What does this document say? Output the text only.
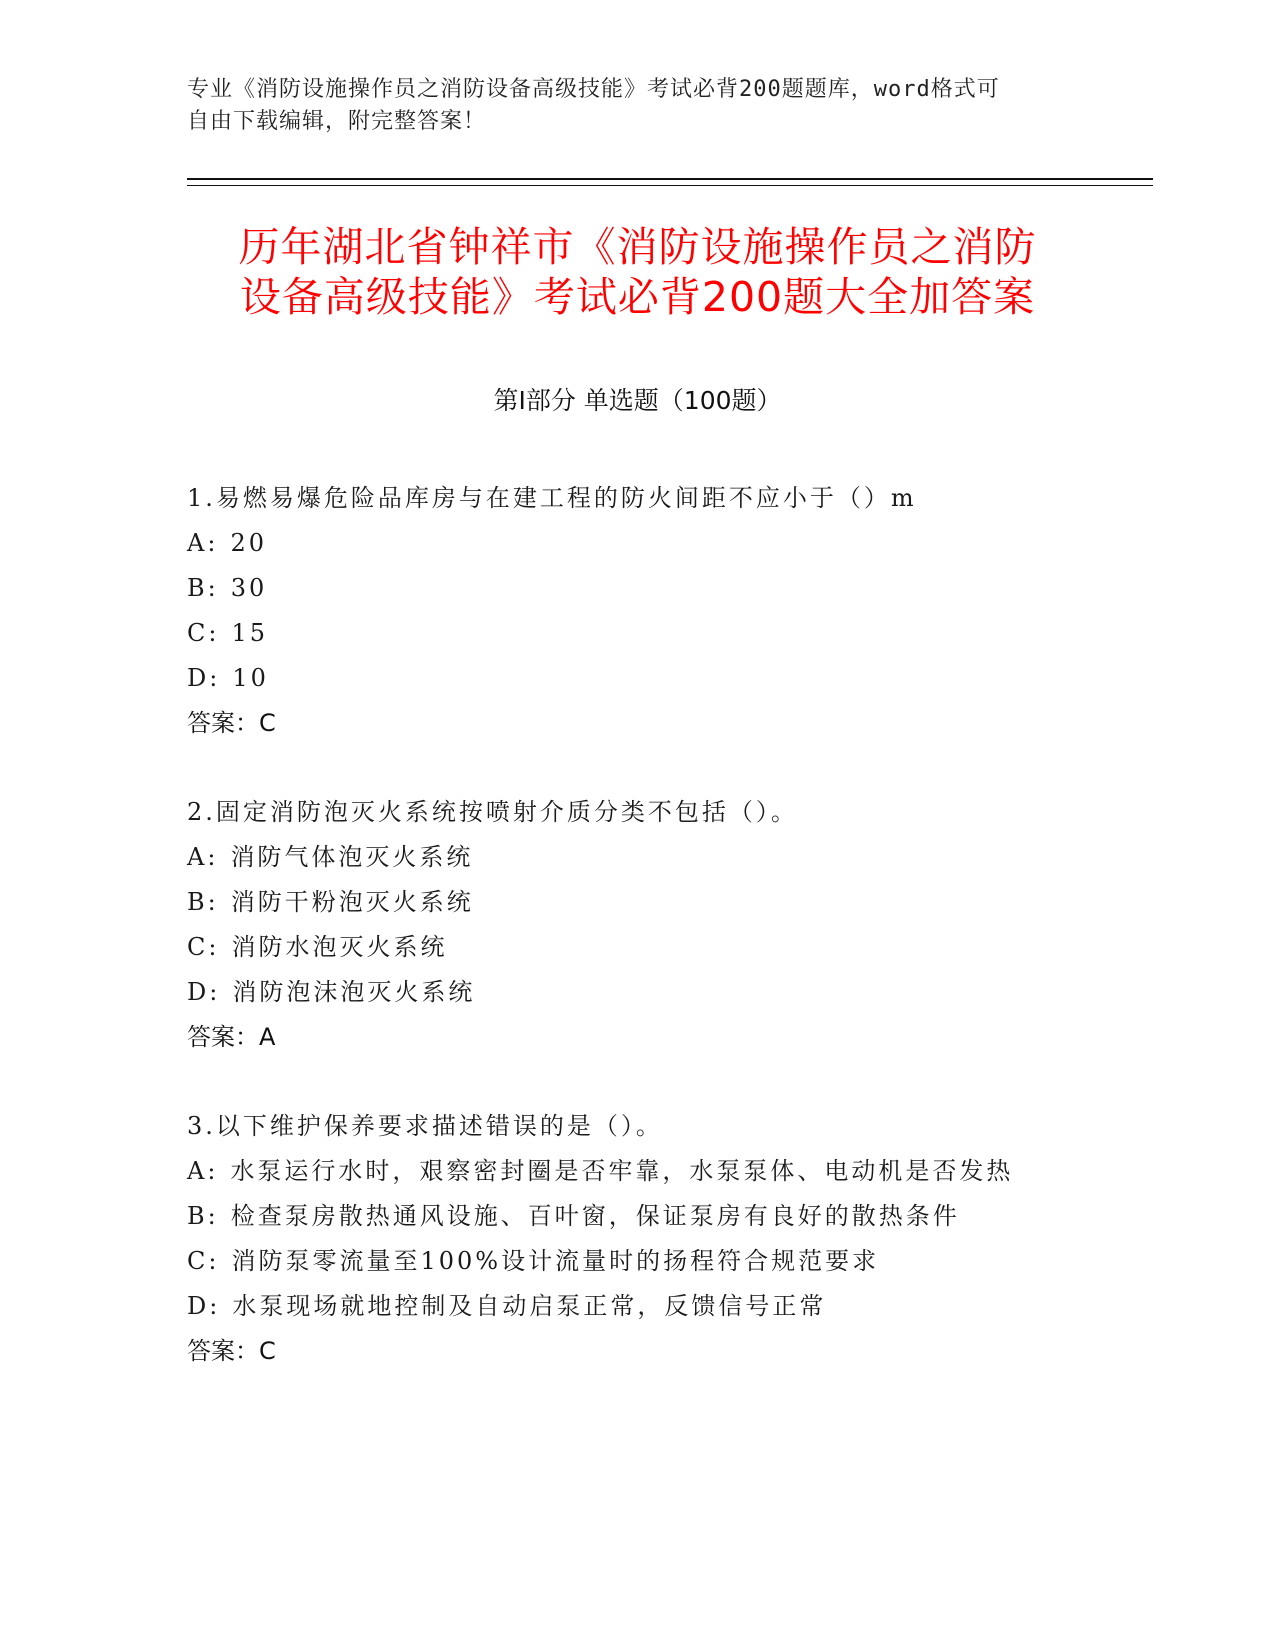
专业《消防设施操作员之消防设备高级技能》考试必背200题题库，word格式可
自由下载编辑，附完整答案！
历年湖北省钟祥市《消防设施操作员之消防
设备高级技能》考试必背200题大全加答案
第Ⅰ部分 单选题（100题）
1.易燃易爆危险品库房与在建工程的防火间距不应小于（）m
A: 20
B: 30
C: 15
D: 10
答案：C
2.固定消防泡灭火系统按喷射介质分类不包括（）。
A: 消防气体泡灭火系统
B: 消防干粉泡灭火系统
C: 消防水泡灭火系统
D: 消防泡沫泡灭火系统
答案：A
3.以下维护保养要求描述错误的是（）。
A: 水泵运行水时，艰察密封圈是否牢靠，水泵泵体、电动机是否发热
B: 检查泵房散热通风设施、百叶窗，保证泵房有良好的散热条件
C: 消防泵零流量至100%设计流量时的扬程符合规范要求
D: 水泵现场就地控制及自动启泵正常，反馈信号正常
答案：C
